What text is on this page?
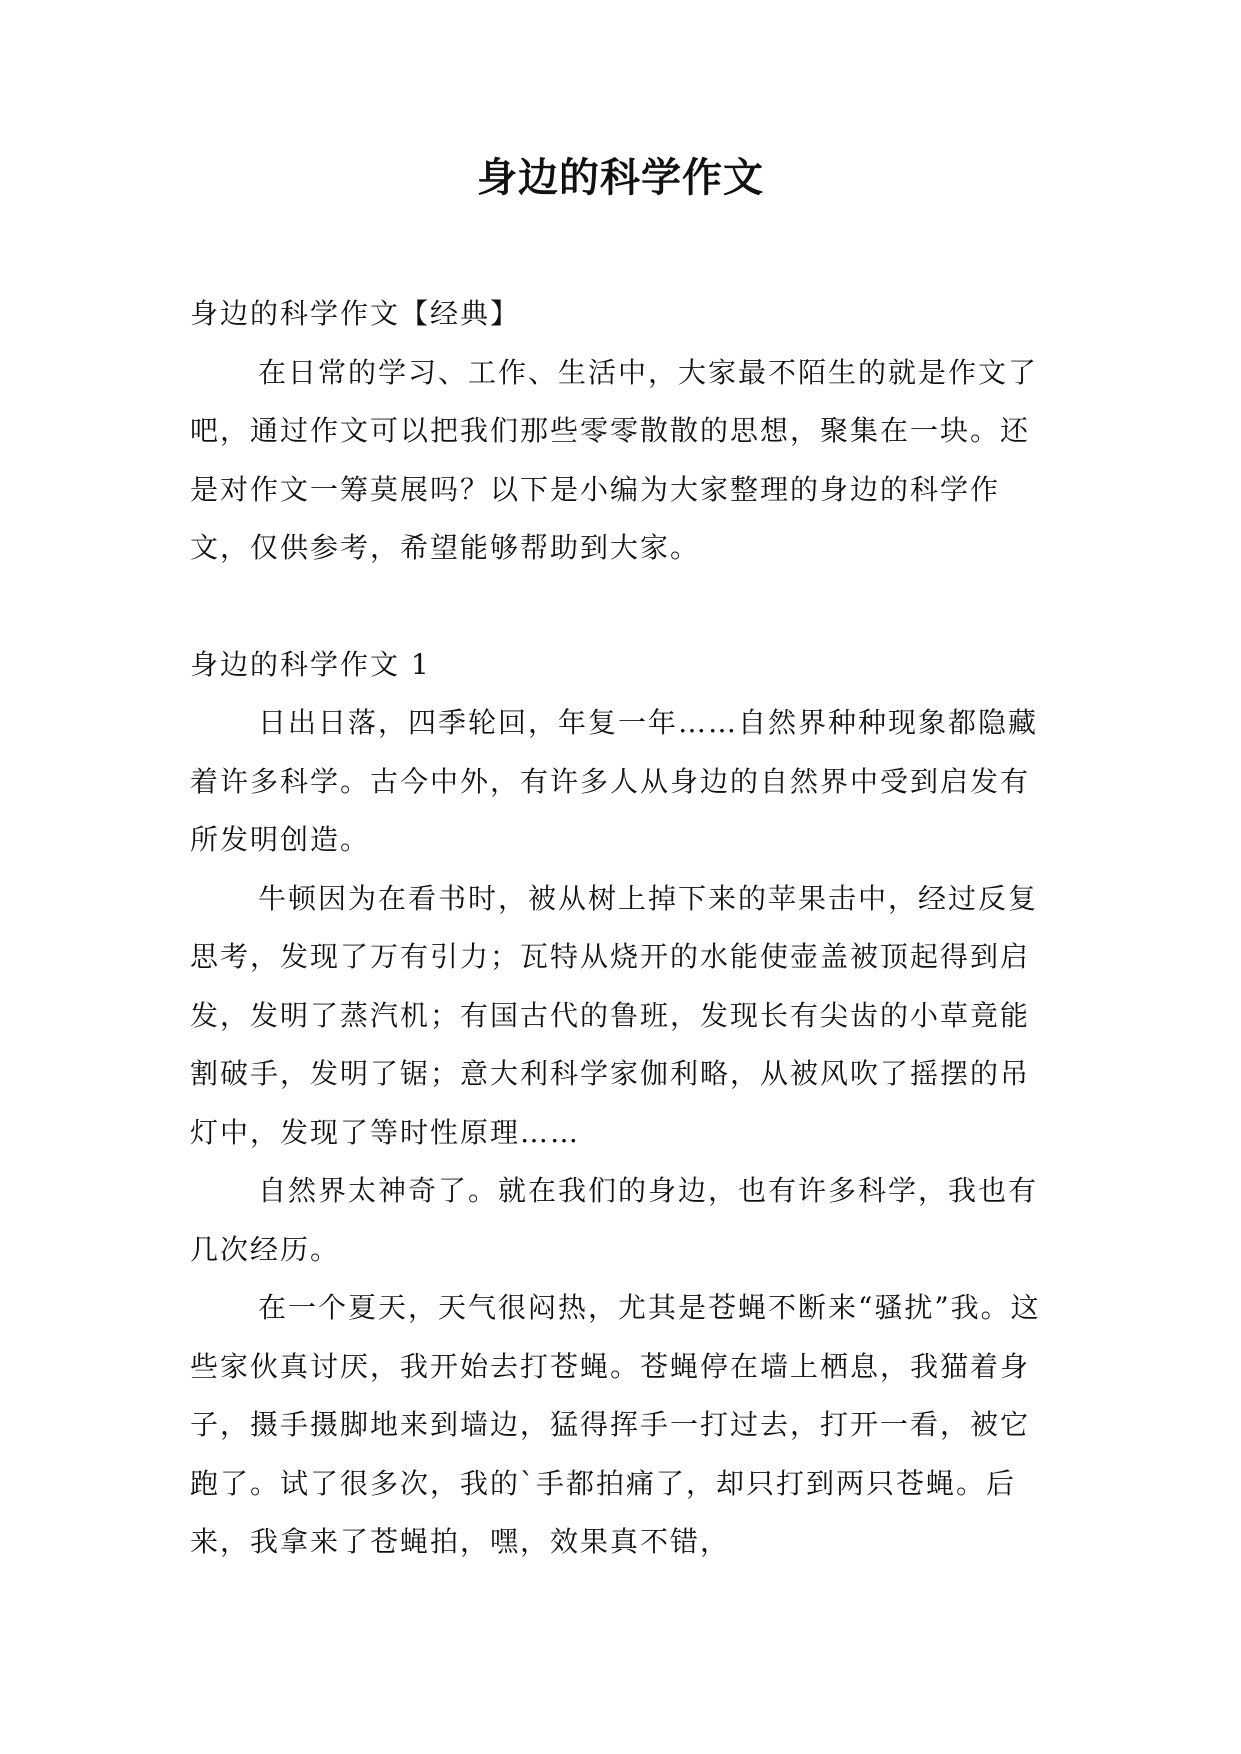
身边的科学作文

身边的科学作文【经典】

在日常的学习、工作、生活中，大家最不陌生的就是作文了吧，通过作文可以把我们那些零零散散的思想，聚集在一块。还是对作文一筹莫展吗？以下是小编为大家整理的身边的科学作文，仅供参考，希望能够帮助到大家。

身边的科学作文 1

日出日落，四季轮回，年复一年……自然界种种现象都隐藏着许多科学。古今中外，有许多人从身边的自然界中受到启发有所发明创造。

牛顿因为在看书时，被从树上掉下来的苹果击中，经过反复思考，发现了万有引力；瓦特从烧开的水能使壶盖被顶起得到启发，发明了蒸汽机；有国古代的鲁班，发现长有尖齿的小草竟能割破手，发明了锯；意大利科学家伽利略，从被风吹了摇摆的吊灯中，发现了等时性原理……

自然界太神奇了。就在我们的身边，也有许多科学，我也有几次经历。

在一个夏天，天气很闷热，尤其是苍蝇不断来“骚扰”我。这些家伙真讨厌，我开始去打苍蝇。苍蝇停在墙上栖息，我猫着身子，摄手摄脚地来到墙边，猛得挥手一打过去，打开一看，被它跑了。试了很多次，我的`手都拍痛了，却只打到两只苍蝇。后来，我拿来了苍蝇拍，嘿，效果真不错，
